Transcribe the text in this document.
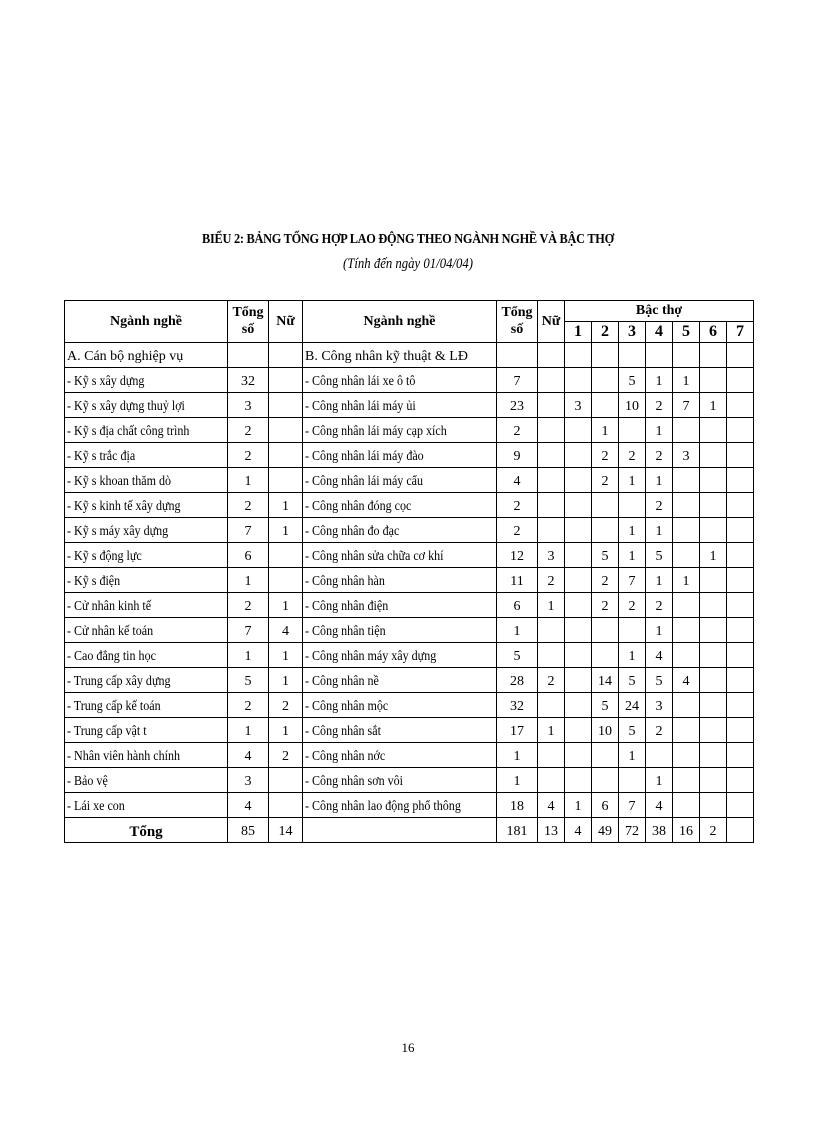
BIỂU 2: BẢNG TỔNG HỢP LAO ĐỘNG THEO NGÀNH NGHỀ VÀ BẬC THỢ
(Tính đến ngày 01/04/04)
Ngành nghề	Tổng
số	Nữ	Ngành nghề	Tổng
số	Nữ	Bậc thợ						
						1	2	3	4	5	6	7
A. Cán bộ nghiệp vụ			B. Công nhân kỹ thuật & LĐ									
- Kỹ s xây dựng	32		- Công nhân lái xe ô tô	7				5	1	1		
- Kỹ s xây dựng thuỷ lợi	3		- Công nhân lái máy ủi	23		3		10	2	7	1	
- Kỹ s địa chất công trình	2		- Công nhân lái máy cạp xích	2			1		1			
- Kỹ s trắc địa	2		- Công nhân lái máy đào	9			2	2	2	3		
- Kỹ s khoan thăm dò	1		- Công nhân lái máy cẩu	4			2	1	1			
- Kỹ s kinh tế xây dựng	2	1	- Công nhân đóng cọc	2					2			
- Kỹ s máy xây dựng	7	1	- Công nhân đo đạc	2				1	1			
- Kỹ s động lực	6		- Công nhân sửa chữa cơ khí	12	3		5	1	5		1	
- Kỹ s điện	1		- Công nhân hàn	11	2		2	7	1	1		
- Cử nhân kinh tế	2	1	- Công nhân điện	6	1		2	2	2			
- Cử nhân kế toán	7	4	- Công nhân tiện	1					1			
- Cao đẳng tin học	1	1	- Công nhân máy xây dựng	5				1	4			
- Trung cấp xây dựng	5	1	- Công nhân nề	28	2		14	5	5	4		
- Trung cấp kế toán	2	2	- Công nhân mộc	32			5	24	3			
- Trung cấp vật t	1	1	- Công nhân sắt	17	1		10	5	2			
- Nhân viên hành chính	4	2	- Công nhân nớc	1				1				
- Bảo vệ	3		- Công nhân sơn vôi	1					1			
- Lái xe con	4		- Công nhân lao động phổ thông	18	4	1	6	7	4			
Tổng	85	14		181	13	4	49	72	38	16	2	
16
